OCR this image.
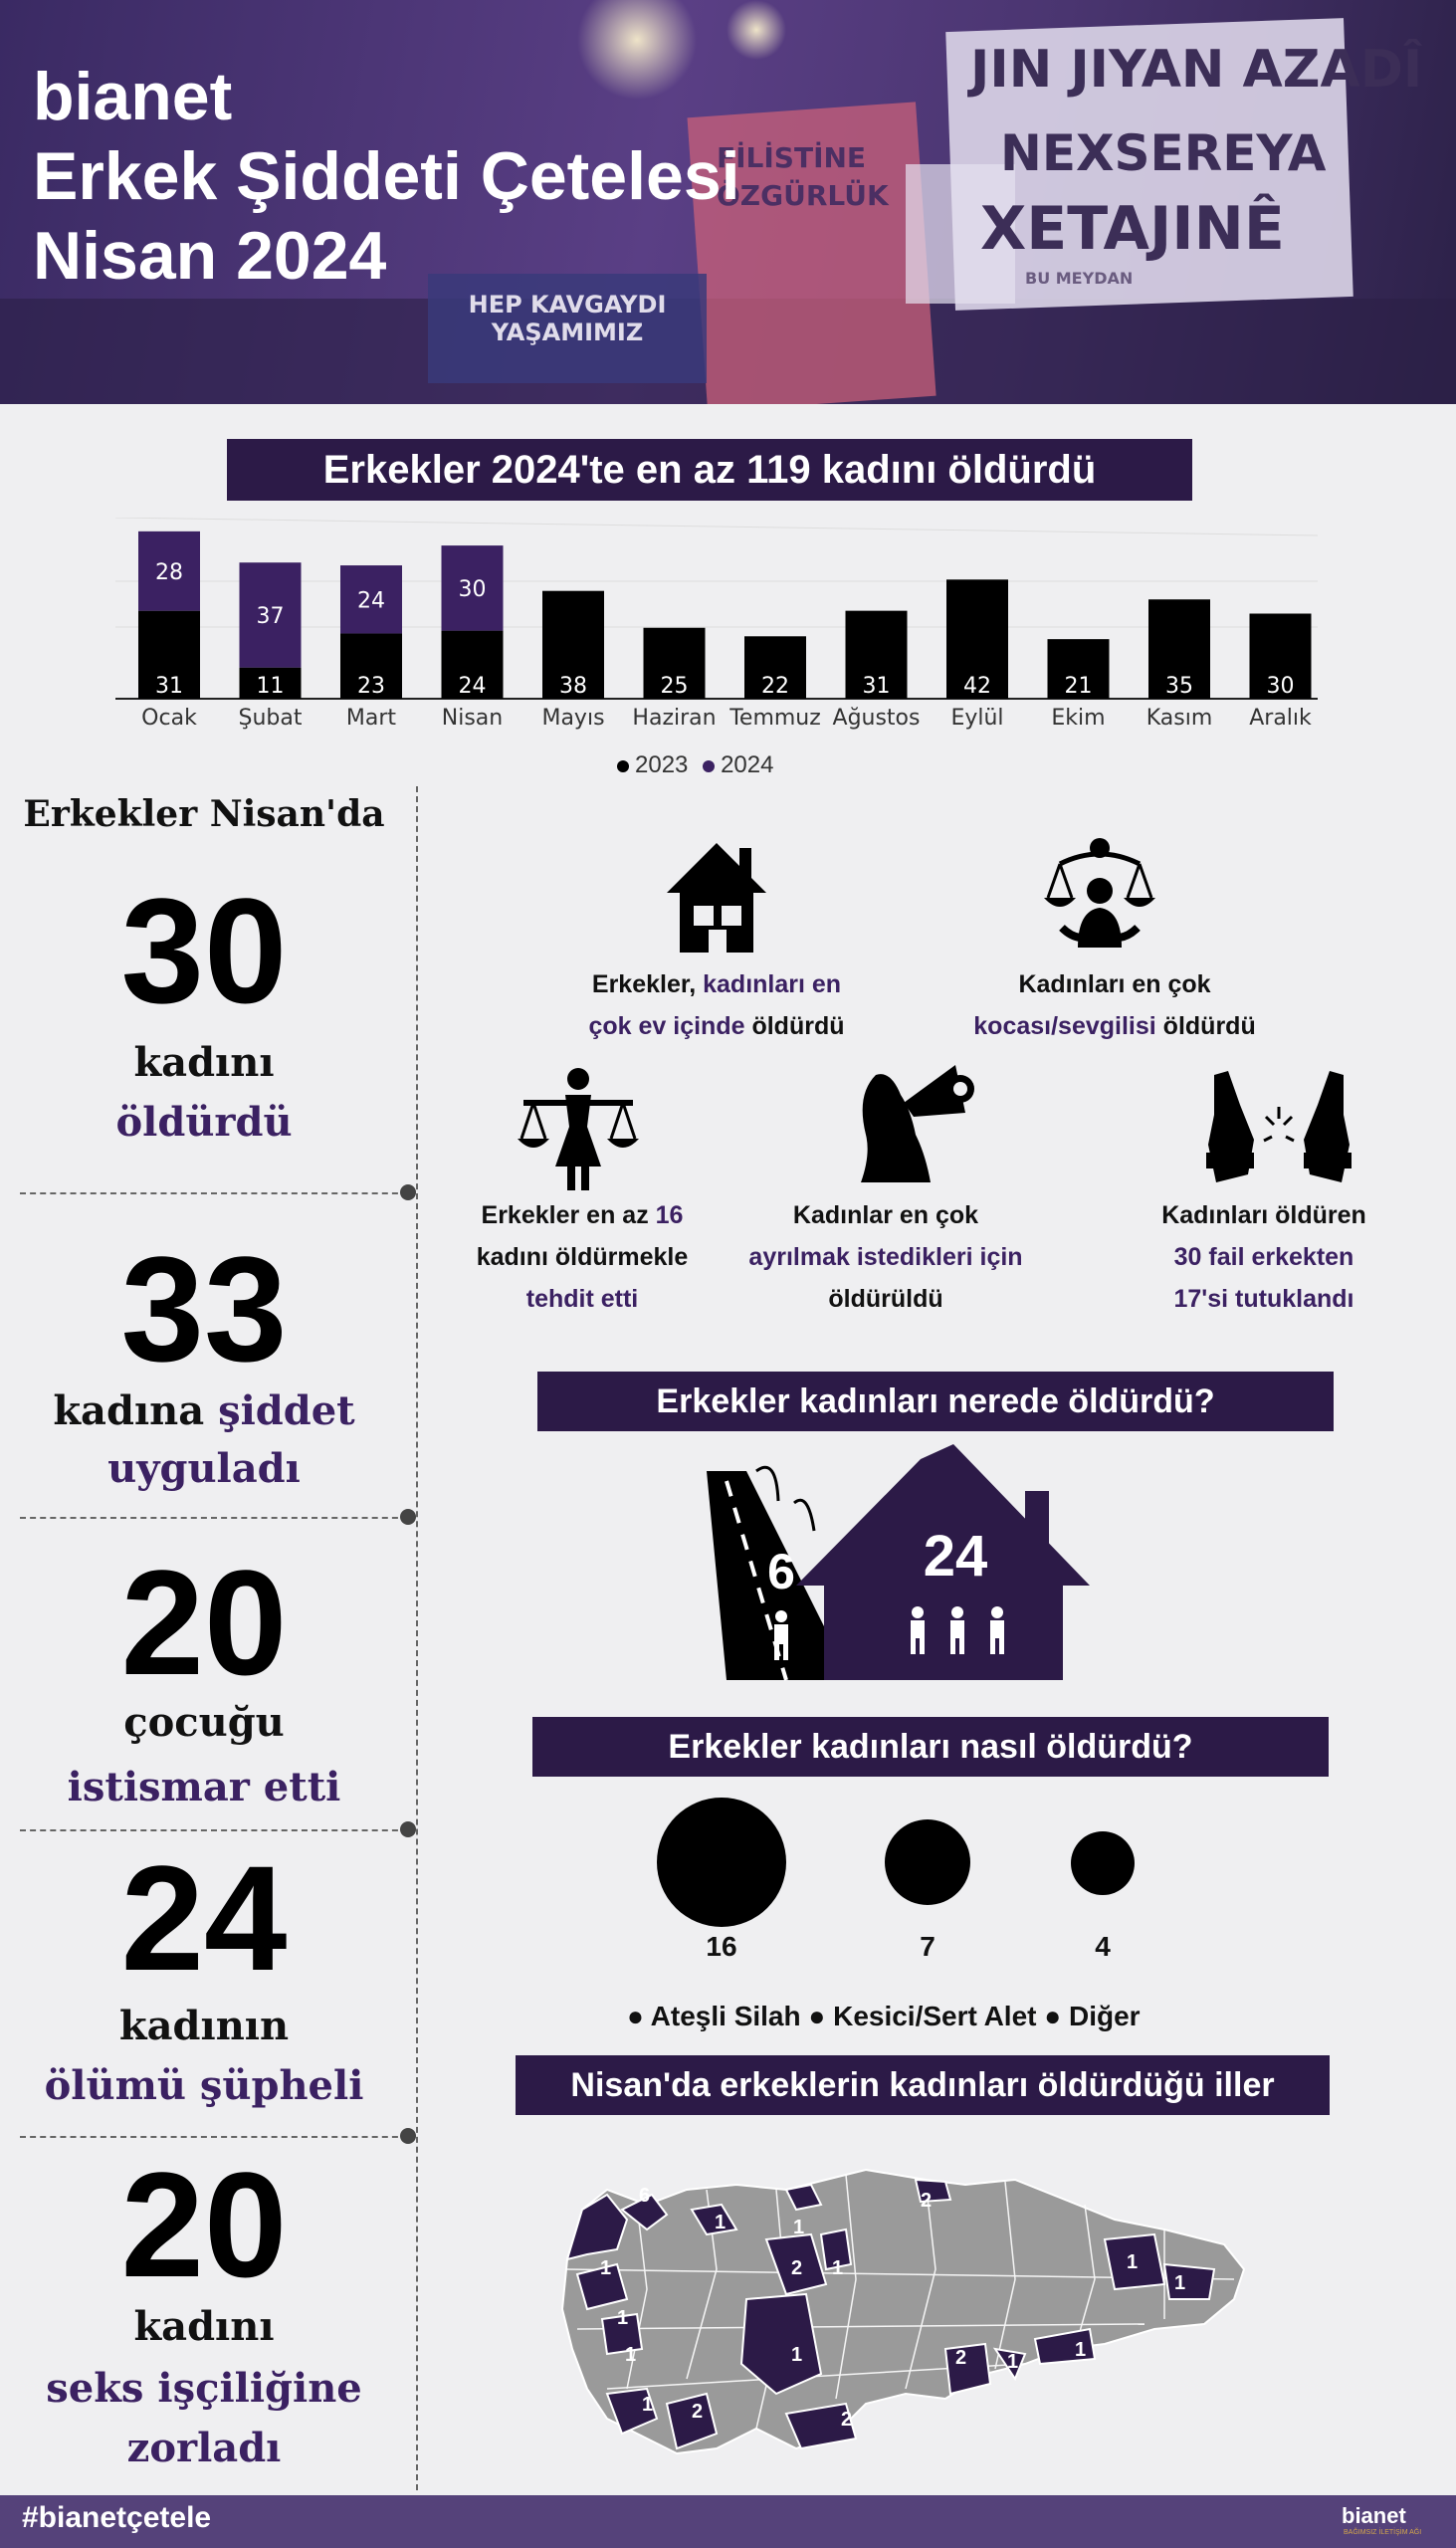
JIN JIYAN AZADÎ
NEXSEREYA
XETAJINÊ
HEP KAVGAYDI YAŞAMIMIZ
BU MEYDAN
FİLİSTİNE ÖZGÜRLÜK
bianet
Erkek Şiddeti Çetelesi
Nisan 2024
Erkekler 2024'te en az 119 kadını öldürdü
31
28
Ocak
11
37
Şubat
23
24
Mart
24
30
Nisan
38
Mayıs
25
Haziran
22
Temmuz
31
Ağustos
42
Eylül
21
Ekim
35
Kasım
30
Aralık
2023 2024
Erkekler Nisan'da
30
kadını
öldürdü
33
kadına şiddet
uyguladı
20
çocuğu
istismar etti
24
kadının
ölümü şüpheli
20
kadını
seks işçiliğine
zorladı
Erkekler, kadınları en
çok ev içinde öldürdü
Kadınları en çok
kocası/sevgilisi öldürdü
Erkekler en az 16
kadını öldürmekle
tehdit etti
Kadınlar en çok
ayrılmak istedikleri için
öldürüldü
Kadınları öldüren
30 fail erkekten
17'si tutuklandı
Erkekler kadınları nerede öldürdü?
6	24
Erkekler kadınları nasıl öldürdü?
16	7	4
● Ateşli Silah ● Kesici/Sert Alet ● Diğer
Nisan'da erkeklerin kadınları öldürdüğü iller
6
1
2
1
1	2 1
1
1
1
1
1
2 1
1 2
1
2
#bianetçetele	bianet
BAĞIMSIZ İLETİŞİM AĞI
